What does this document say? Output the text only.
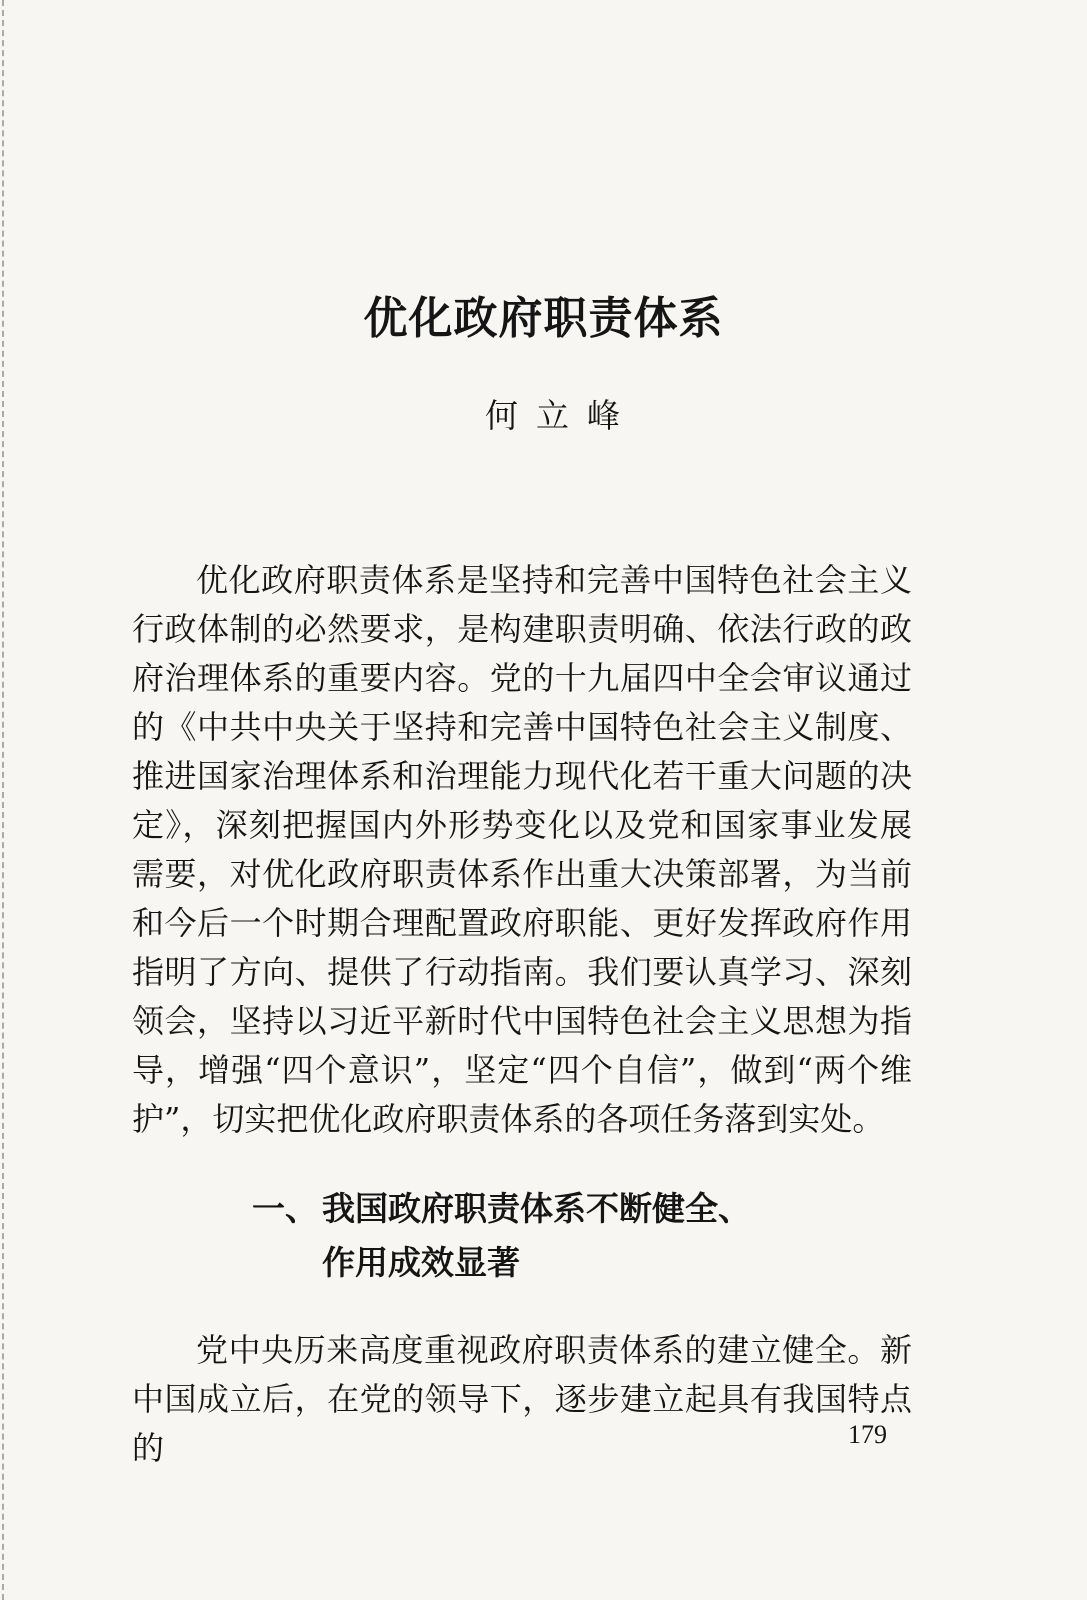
优化政府职责体系

何立峰

优化政府职责体系是坚持和完善中国特色社会主义行政体制的必然要求，是构建职责明确、依法行政的政府治理体系的重要内容。党的十九届四中全会审议通过的《中共中央关于坚持和完善中国特色社会主义制度、推进国家治理体系和治理能力现代化若干重大问题的决定》，深刻把握国内外形势变化以及党和国家事业发展需要，对优化政府职责体系作出重大决策部署，为当前和今后一个时期合理配置政府职能、更好发挥政府作用指明了方向、提供了行动指南。我们要认真学习、深刻领会，坚持以习近平新时代中国特色社会主义思想为指导，增强“四个意识”，坚定“四个自信”，做到“两个维护”，切实把优化政府职责体系的各项任务落到实处。

一、 我国政府职责体系不断健全、
作用成效显著

党中央历来高度重视政府职责体系的建立健全。新中国成立后，在党的领导下，逐步建立起具有我国特点的	179
